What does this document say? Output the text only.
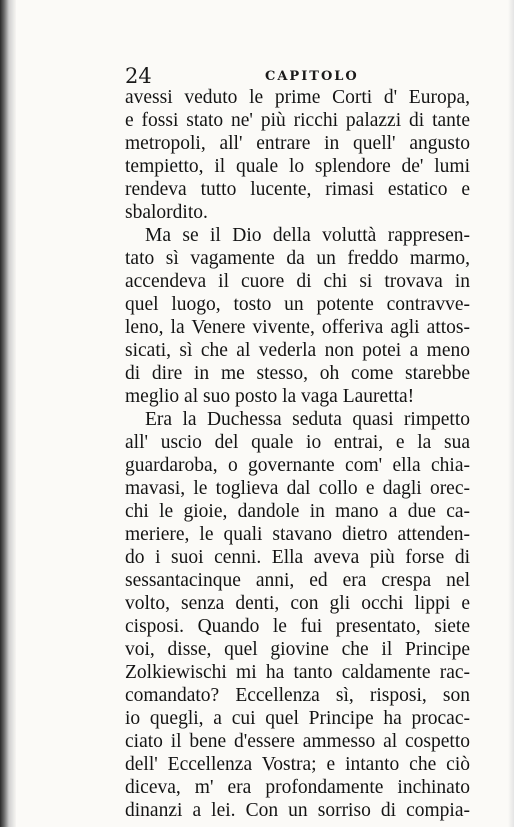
24	CAPITOLO
avessi veduto le prime Corti d' Europa,
e fossi stato ne' più ricchi palazzi di tante
metropoli, all' entrare in quell' angusto
tempietto, il quale lo splendore de' lumi
rendeva tutto lucente, rimasi estatico e
sbalordito.
Ma se il Dio della voluttà rappresen-
tato sì vagamente da un freddo marmo,
accendeva il cuore di chi si trovava in
quel luogo, tosto un potente contravve-
leno, la Venere vivente, offeriva agli attos-
sicati, sì che al vederla non potei a meno
di dire in me stesso, oh come starebbe
meglio al suo posto la vaga Lauretta!
Era la Duchessa seduta quasi rimpetto
all' uscio del quale io entrai, e la sua
guardaroba, o governante com' ella chia-
mavasi, le toglieva dal collo e dagli orec-
chi le gioie, dandole in mano a due ca-
meriere, le quali stavano dietro attenden-
do i suoi cenni. Ella aveva più forse di
sessantacinque anni, ed era crespa nel
volto, senza denti, con gli occhi lippi e
cisposi. Quando le fui presentato, siete
voi, disse, quel giovine che il Principe
Zolkiewischi mi ha tanto caldamente rac-
comandato? Eccellenza sì, risposi, son
io quegli, a cui quel Principe ha procac-
ciato il bene d'essere ammesso al cospetto
dell' Eccellenza Vostra; e intanto che ciò
diceva, m' era profondamente inchinato
dinanzi a lei. Con un sorriso di compia-
